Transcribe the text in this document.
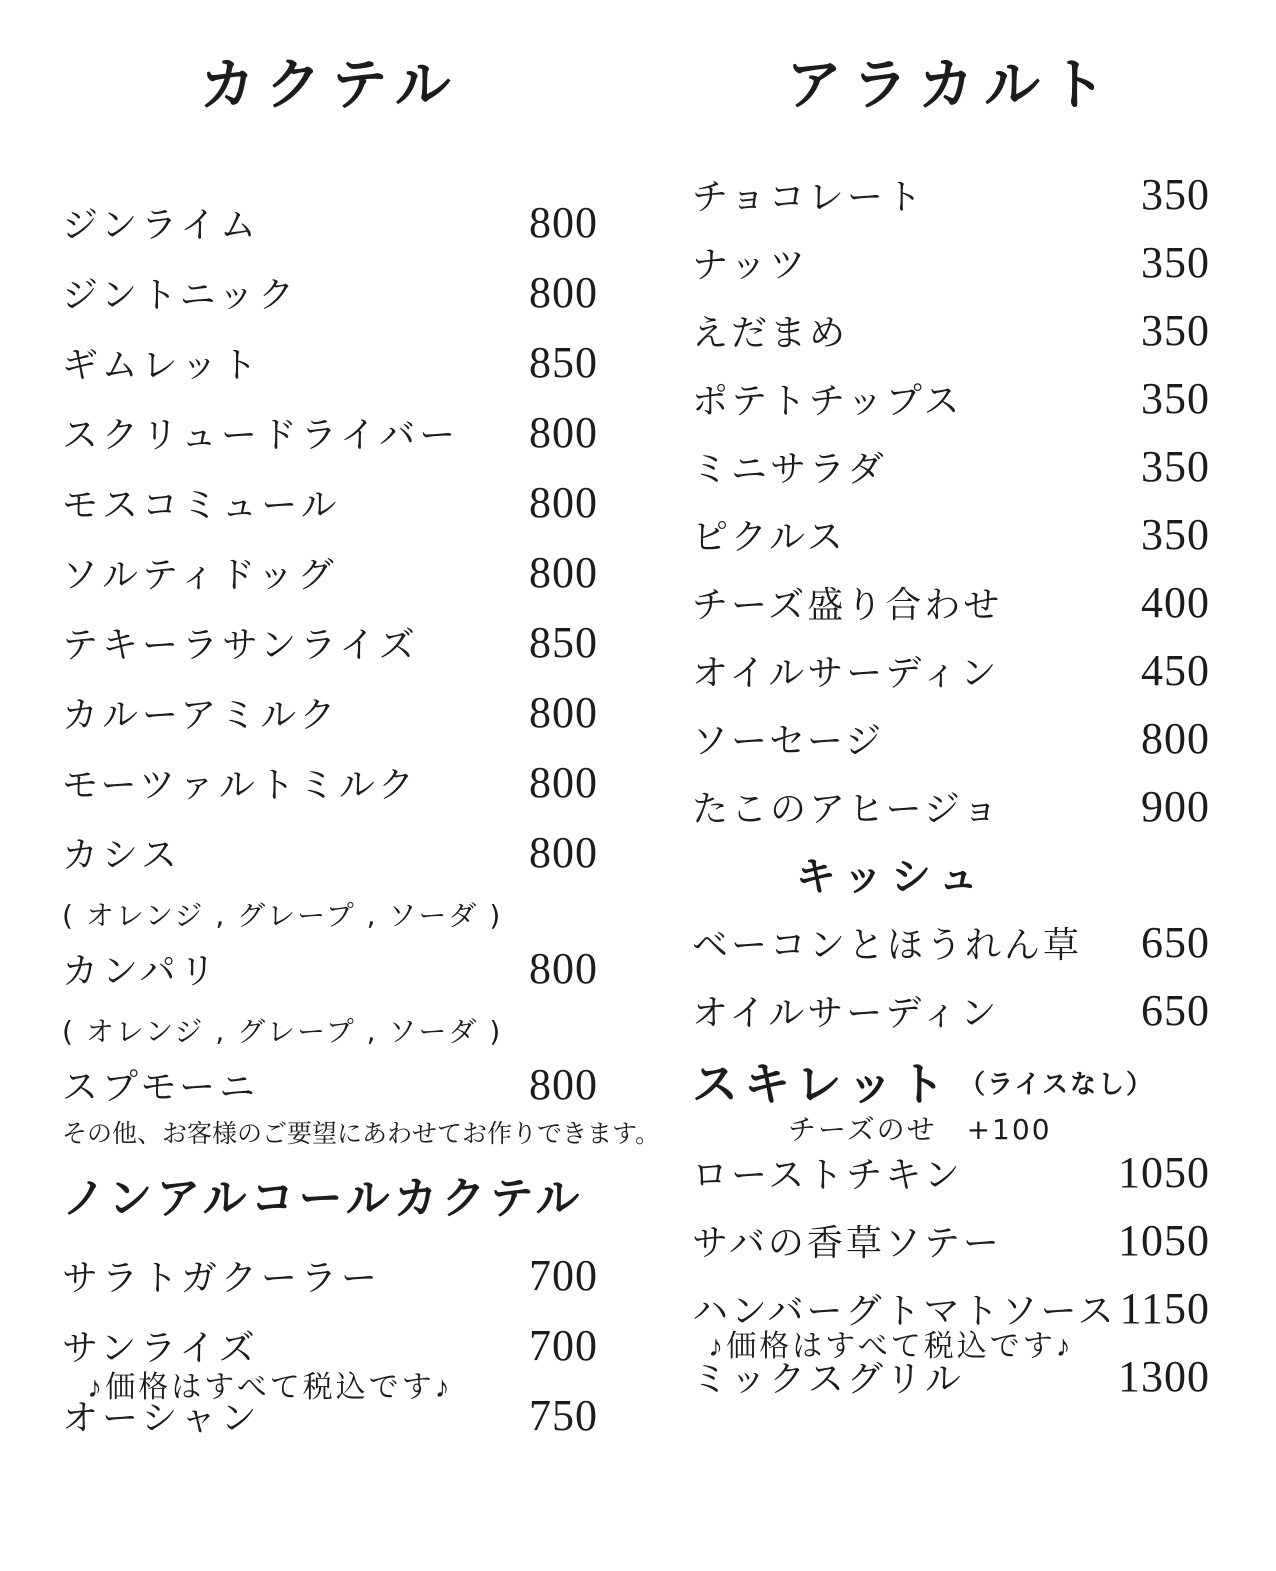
カクテル
ジンライム	800
ジントニック	800
ギムレット	850
スクリュードライバー 800
モスコミュール	800
ソルティドッグ	800
テキーラサンライズ	850
カルーアミルク	800
モーツァルトミルク	800
カシス	800
( オレンジ , グレープ , ソーダ )
カンパリ	800
( オレンジ , グレープ , ソーダ )
スプモーニ	800

その他、お客様のご要望にあわせてお作りできます。

ノンアルコールカクテル
サラトガクーラー	700
サンライズ	700
オーシャン	750

♪価格はすべて税込です♪

アラカルト
チョコレート	350
ナッツ	350
えだまめ	350
ポテトチップス	350
ミニサラダ	350
ピクルス	350
チーズ盛り合わせ	400
オイルサーディン	450
ソーセージ	800
たこのアヒージョ	900
キッシュ
ベーコンとほうれん草 650
オイルサーディン	650
スキレット （ライスなし）

チーズのせ　+100

ローストチキン	1050
サバの香草ソテー	1050
ハンバーグトマトソース 1150
ミックスグリル	1300

♪価格はすべて税込です♪
